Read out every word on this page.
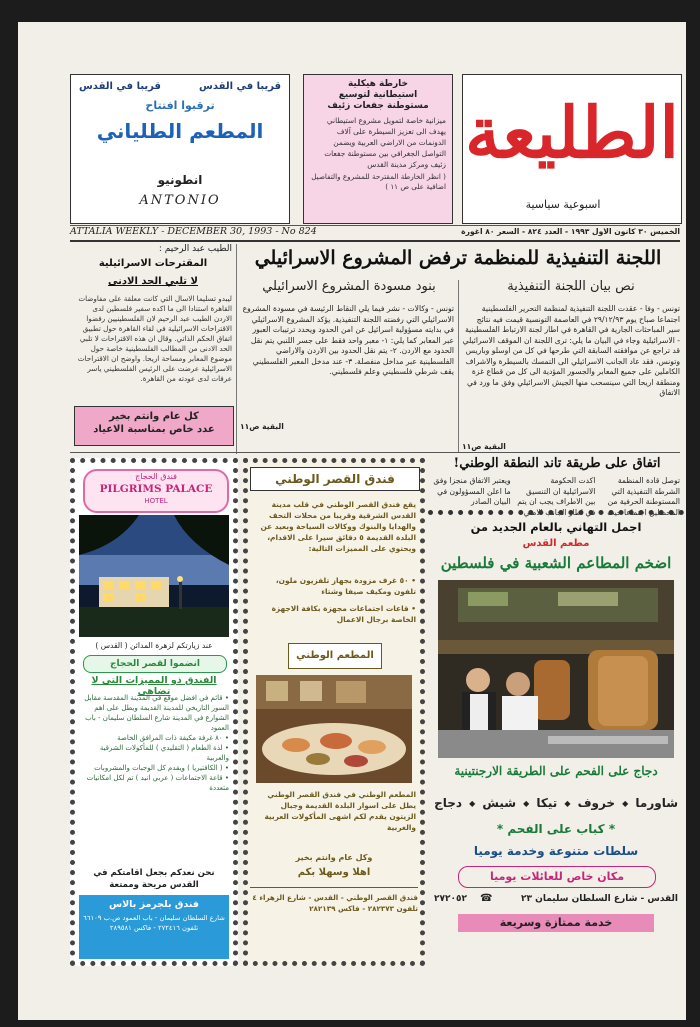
الطليعة
اسبوعية سياسية
خارطة هيكلية
استيطانية لتوسيع
مستوطنة جفعات زئيف
ميزانية خاصة لتمويل مشروع استيطاني يهدف الى تعزيز السيطرة على آلاف الدونمات من الاراضي العربية ويضمن التواصل الجغرافي بين مستوطنة جفعات زئيف ومركز مدينة القدس
( انظر الخارطة المقترحة للمشروع والتفاصيل اضافية على ص ١١ )
قريبا في القدس
قريبا في القدس
ترقبوا افتتاح
المطعم الطلياني
انطونيو
ANTONIO
ATTALIA WEEKLY - DECEMBER 30, 1993 - No 824	الخميس ٣٠ كانون الاول ١٩٩٣ - العدد ٨٢٤ - السعر ٨٠ اغورة
اللجنة التنفيذية للمنظمة ترفض المشروع الاسرائيلي
نص بيان اللجنة التنفيذية
بنود مسودة المشروع الاسرائيلي
تونس - وفا - عقدت اللجنة التنفيذية لمنظمة التحرير الفلسطينية اجتماعا صباح يوم ٢٩/١٢/٩٣ في العاصمة التونسية قيمت فيه نتائج سير المباحثات الجارية في القاهرة في اطار لجنة الارتباط الفلسطينية - الاسرائيلية وجاء في البيان ما يلي: ترى اللجنة ان الموقف الاسرائيلي قد تراجع عن موافقته السابقة التي طرحها في كل من اوسلو وباريس وتونس، فقد عاد الجانب الاسرائيلي الى التمسك بالسيطرة والاشراف الكاملين على جميع المعابر والجسور المؤدية الى كل من قطاع غزة ومنطقة اريحا التي سينسحب منها الجيش الاسرائيلي وفق ما ورد في الاتفاق
البقية ص١١
تونس - وكالات - نشر فيما يلي النقاط الرئيسة في مسودة المشروع الاسرائيلي التي رفضته اللجنة التنفيذية. يؤكد المشروع الاسرائيلي في بدايته مسؤولية اسرائيل عن امن الحدود ويحدد ترتيبات العبور عبر المعابر كما يلي: ١- معبر واحد فقط على جسر اللنبي يتم نقل الحدود مع الاردن. ٢- يتم نقل الحدود بين الاردن والاراضي الفلسطينية عبر مداخل منفصلة. ٣- عند مدخل المعبر الفلسطيني يقف شرطي فلسطيني وعلم فلسطيني.
البقية ص١١
الطيب عبد الرحيم :
المقترحات الاسرائيلية
لا تلبي الحد الادنى
ليبدو تسليما الاسال التي كانت معلقة على مفاوضات القاهرة استنادا الى ما اكده سفير فلسطين لدى الاردن الطيب عبد الرحيم لان الفلسطينيين رفضوا الاقتراحات الاسرائيلية في لقاء القاهرة حول تطبيق اتفاق الحكم الذاتي. وقال ان هذه الاقتراحات لا تلبي الحد الادنى من المطالب الفلسطينية خاصة حول موضوع المعابر ومساحة اريحا. واوضح ان الاقتراحات الاسرائيلية عرضت على الرئيس الفلسطيني ياسر عرفات لدى عودته من القاهرة.
كل عام وانتم بخير
عدد خاص بمناسبة الاعياد
اتفاق على طريقة تاند النطقة الوطني!
توصل قادة المنظمة الشرطة التنفيذية التي المستوطنة الحرفية من المحصلين اجتماعا حيث اكدت الحكومة الاسرائيلية ان التنسيق بين الاطراف يجب ان يتم في اطار الجانب الامني ويعتبر الاتفاق منجزا وفق ما اعلن المسؤولون في البيان الصادر
اجمل التهاني بالعام الجديد من
مطعم القدس
اضخم المطاعم الشعبية في فلسطين
دجاج على الفحم على الطريقة الارجنتينية
شاورما
◆
خروف
◆
تيكا
◆
شيش
◆
دجاج
* كباب على الفحم *
سلطات متنوعة وخدمة يوميا
مكان خاص للعائلات يوميا
القدس - شارع السلطان سليمان ٢٣
٢٧٢٠٥٢ ☎
خدمة ممتازة وسريعة
فندق القصر الوطني
يقع فندق القصر الوطني في قلب مدينة القدس الشرقية وقريبا من محلات التحف والهدايا والبنوك ووكالات السياحة وبعيد عن البلدة القديمة ٥ دقائق سيرا على الاقدام، ويحتوي على المميزات التالية:
• ٥٠ غرف مزودة بجهاز تلفزيون ملون، تلفون ومكيف صيفا وشتاء
• قاعات اجتماعات مجهزة بكافة الاجهزة الخاصة برجال الاعمال
المطعم الوطني
المطعم الوطني في فندق القصر الوطني يطل على اسوار البلدة القديمة وجبال الزيتون يقدم لكم اشهى المأكولات العربية والغربية
وكل عام وانتم بخير
اهلا وسهلا بكم
فندق القصر الوطني - القدس - شارع الزهراء ٤
تلفون ٢٨٢٣٧٣ - فاكس ٢٨٢١٣٩
فندق الحجاج
PILGRIMS PALACE
HOTEL
عند زيارتكم لزهرة المدائن ( القدس )
انضموا لقصر الحجاج
الفندق ذو المميزات التي لا تضاهى
• قائم في افضل موقع في المدينة المقدسة مقابل السور التاريخي للمدينة القديمة ويطل على اهم الشوارع في المدينة شارع السلطان سليمان - باب العمود
• ٨٠ غرفة مكيفة ذات المرافق الخاصة
• لذة الطعام ( التقليدي ) للمأكولات الشرقية والعربية
• ( الكافتيريا ) ويقدم كل الوجبات والمشروبات
• قاعة الاجتماعات ( عربي انيد ) تم لكل امكانيات متعددة
نحن نعدكم بجعل اقامتكم في القدس مريحة وممتعة
فندق بلجرمز بالاس
شارع السلطان سليمان - باب العمود ص.ب ٦٦١٠٩
تلفون ٢٧٢٤١٦ - فاكس ٢٨٩٥٨١
